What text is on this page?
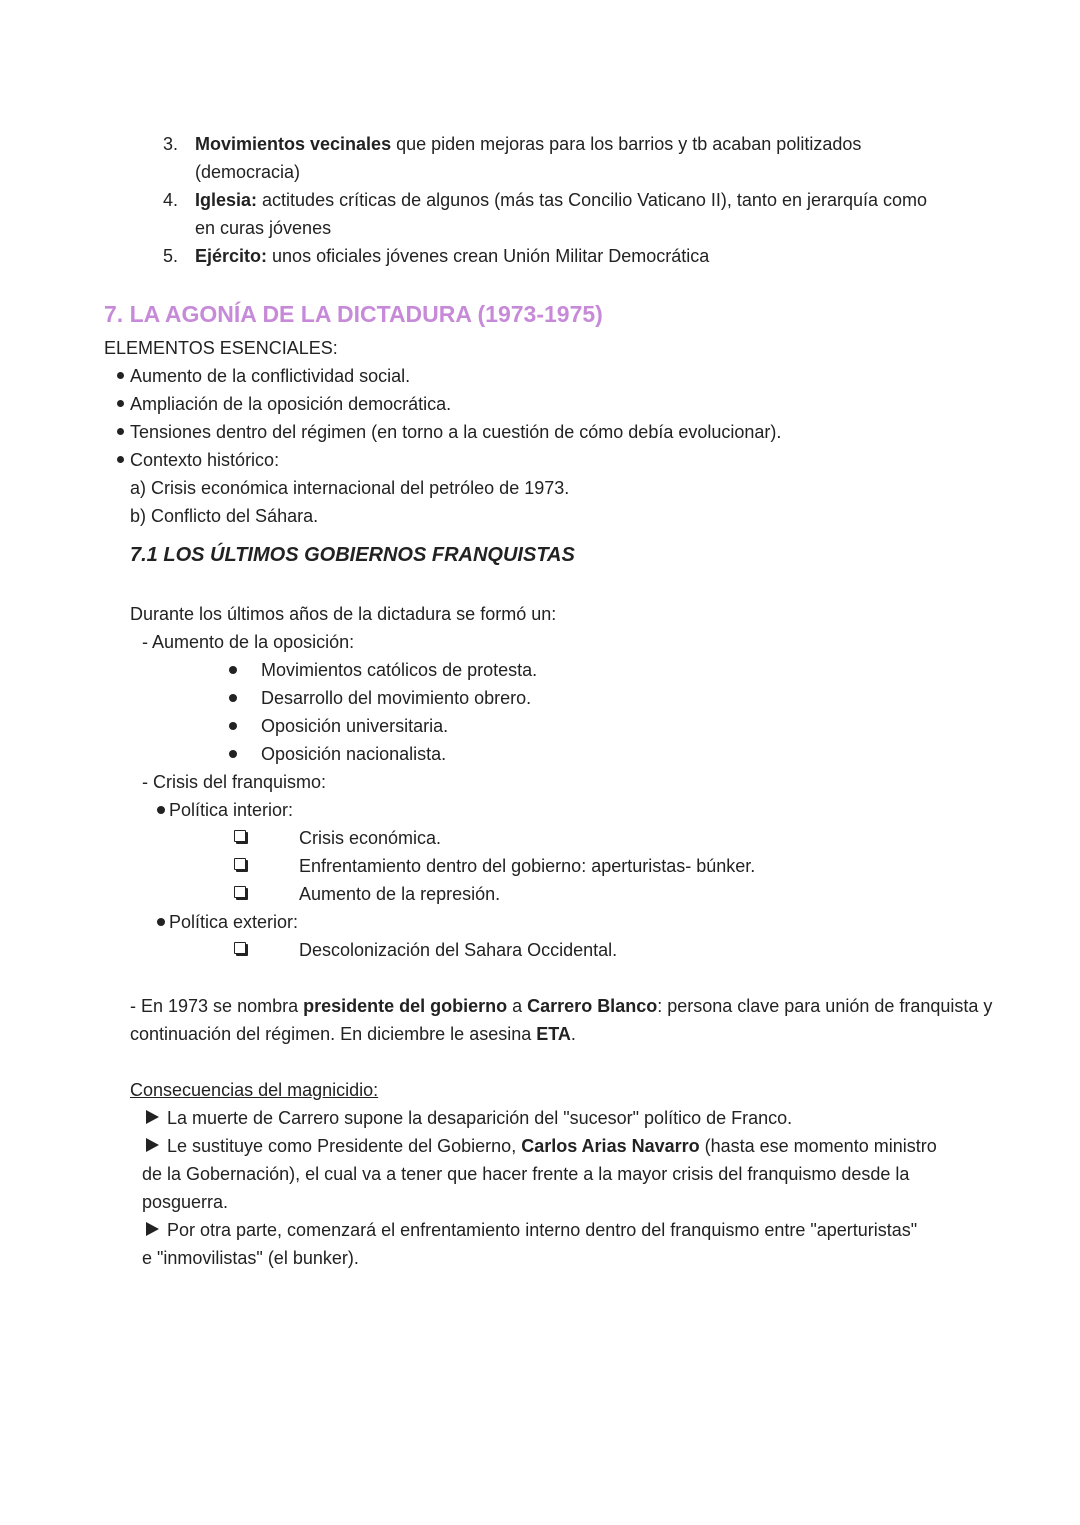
3. Movimientos vecinales que piden mejoras para los barrios y tb acaban politizados
(democracia)
4. Iglesia: actitudes críticas de algunos (más tas Concilio Vaticano II), tanto en jerarquía como
en curas jóvenes
5. Ejército: unos oficiales jóvenes crean Unión Militar Democrática
7. LA AGONÍA DE LA DICTADURA (1973-1975)
ELEMENTOS ESENCIALES:
Aumento de la conflictividad social.
Ampliación de la oposición democrática.
Tensiones dentro del régimen (en torno a la cuestión de cómo debía evolucionar).
Contexto histórico:
a) Crisis económica internacional del petróleo de 1973.
b) Conflicto del Sáhara.
7.1 LOS ÚLTIMOS GOBIERNOS FRANQUISTAS
Durante los últimos años de la dictadura se formó un:
- Aumento de la oposición:
Movimientos católicos de protesta.
Desarrollo del movimiento obrero.
Oposición universitaria.
Oposición nacionalista.
- Crisis del franquismo:
Política interior:
Crisis económica.
Enfrentamiento dentro del gobierno: aperturistas- búnker.
Aumento de la represión.
Política exterior:
Descolonización del Sahara Occidental.
- En 1973 se nombra presidente del gobierno a Carrero Blanco: persona clave para unión de franquista y
continuación del régimen. En diciembre le asesina ETA.
Consecuencias del magnicidio:
La muerte de Carrero supone la desaparición del "sucesor" político de Franco.
Le sustituye como Presidente del Gobierno, Carlos Arias Navarro (hasta ese momento ministro
de la Gobernación), el cual va a tener que hacer frente a la mayor crisis del franquismo desde la
posguerra.
Por otra parte, comenzará el enfrentamiento interno dentro del franquismo entre "aperturistas"
e "inmovilistas" (el bunker).
